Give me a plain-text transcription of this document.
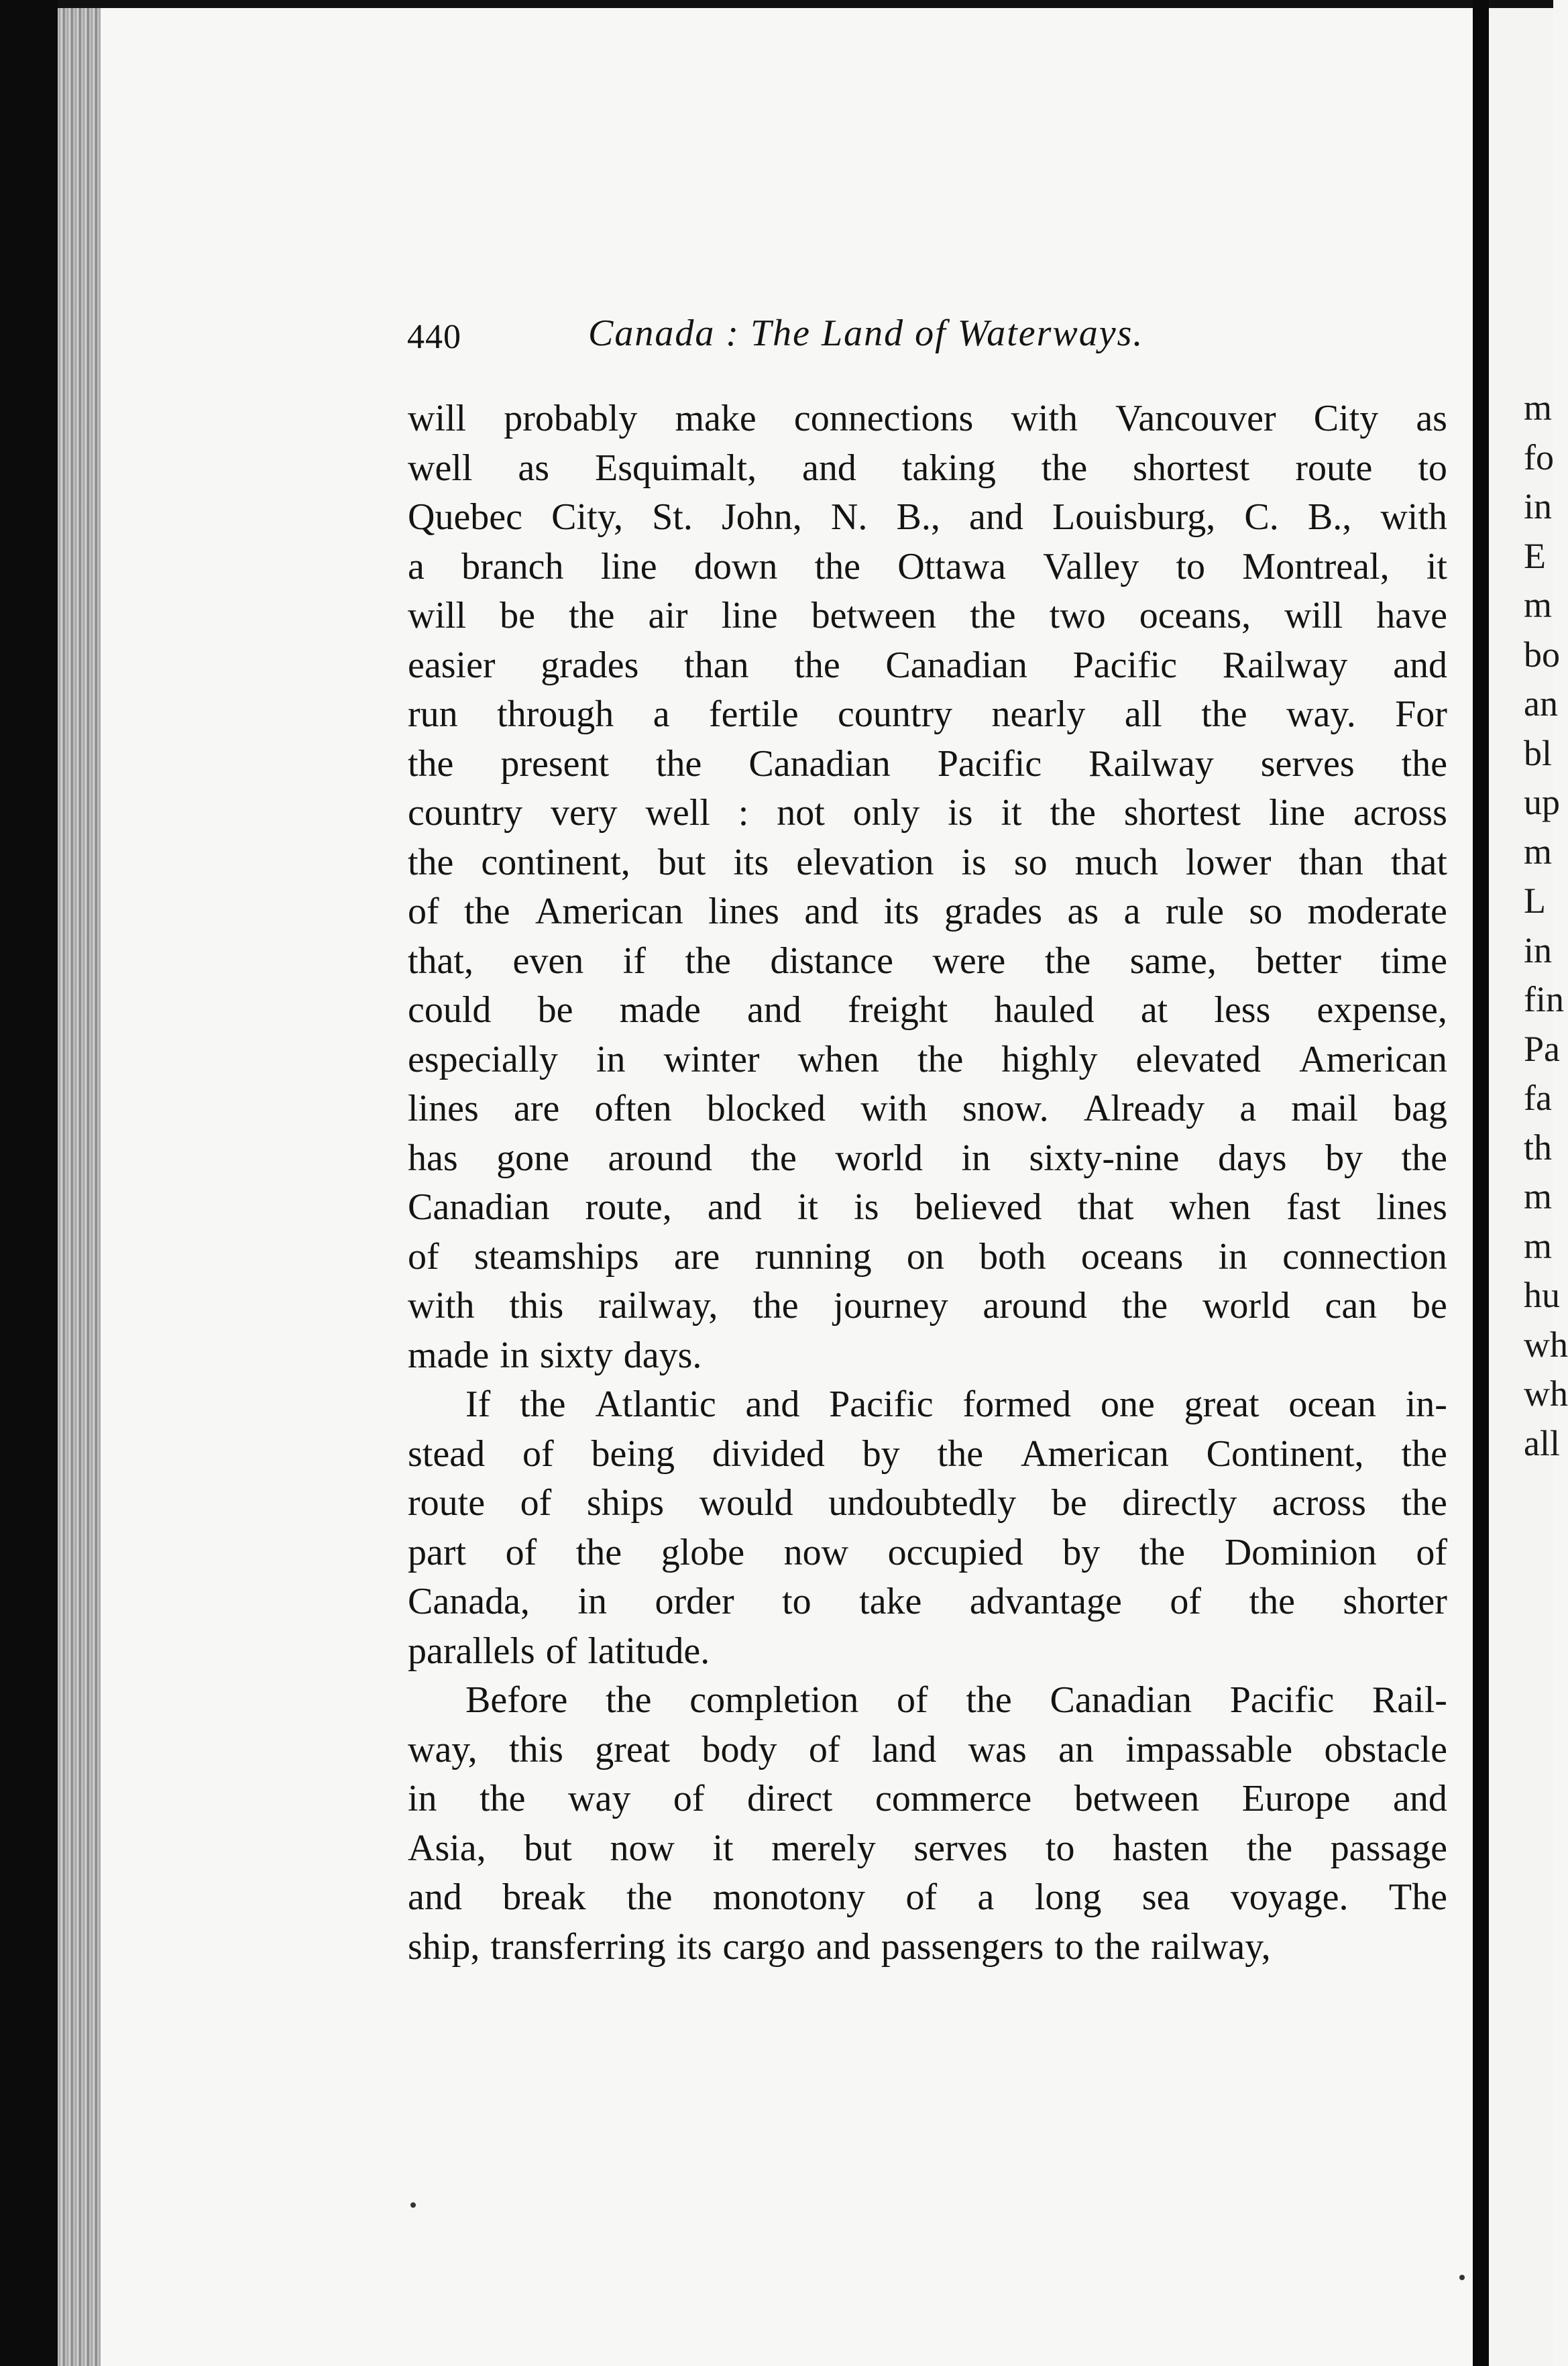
440	Canada : The Land of Waterways.
will probably make connections with Vancouver City as
well as Esquimalt, and taking the shortest route to
Quebec City, St. John, N. B., and Louisburg, C. B., with
a branch line down the Ottawa Valley to Montreal, it
will be the air line between the two oceans, will have
easier grades than the Canadian Pacific Railway and
run through a fertile country nearly all the way. For
the present the Canadian Pacific Railway serves the
country very well : not only is it the shortest line across
the continent, but its elevation is so much lower than that
of the American lines and its grades as a rule so moderate
that, even if the distance were the same, better time
could be made and freight hauled at less expense,
especially in winter when the highly elevated American
lines are often blocked with snow. Already a mail bag
has gone around the world in sixty-nine days by the
Canadian route, and it is believed that when fast lines
of steamships are running on both oceans in connection
with this railway, the journey around the world can be
made in sixty days.
If the Atlantic and Pacific formed one great ocean in-
stead of being divided by the American Continent, the
route of ships would undoubtedly be directly across the
part of the globe now occupied by the Dominion of
Canada, in order to take advantage of the shorter
parallels of latitude.
Before the completion of the Canadian Pacific Rail-
way, this great body of land was an impassable obstacle
in the way of direct commerce between Europe and
Asia, but now it merely serves to hasten the passage
and break the monotony of a long sea voyage. The
ship, transferring its cargo and passengers to the railway,
m
fo
in
E
m
bo
an
bl
up
m
L
in
fin
Pa
fa
th
m
m
hu
wh
wh
all
